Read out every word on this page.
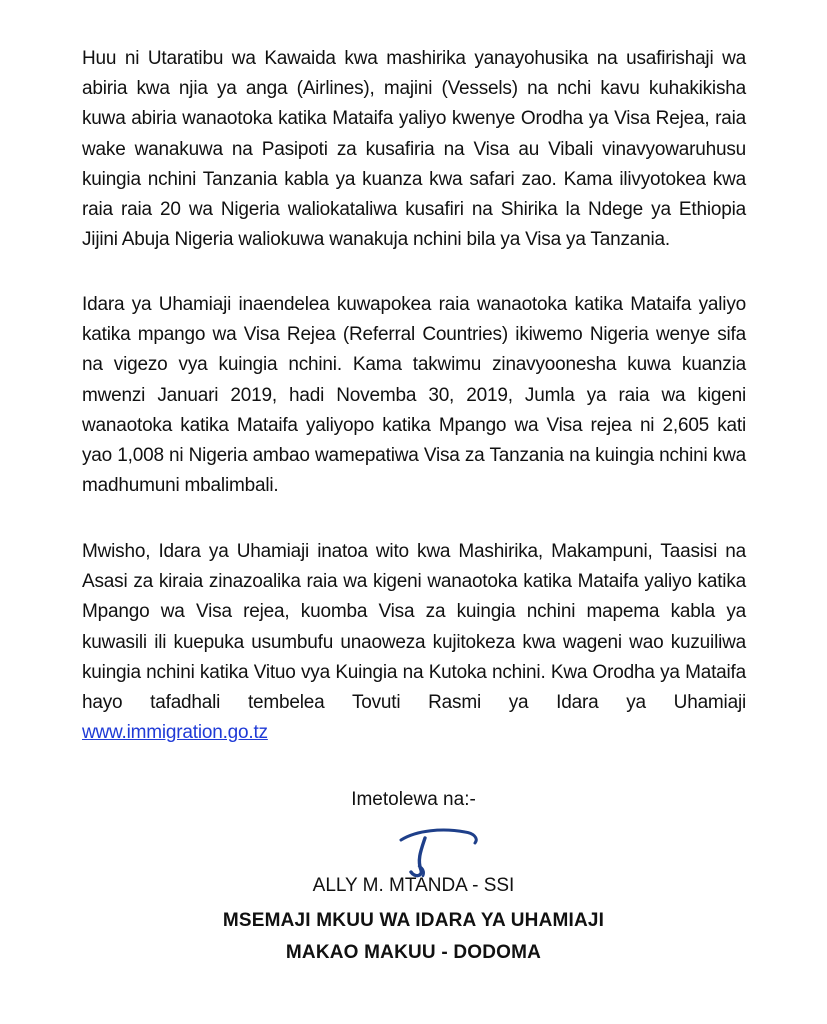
Huu ni Utaratibu wa Kawaida kwa mashirika yanayohusika na usafirishaji wa abiria kwa njia ya anga (Airlines), majini (Vessels) na nchi kavu kuhakikisha kuwa abiria wanaotoka katika Mataifa yaliyo kwenye Orodha ya Visa Rejea, raia wake wanakuwa na Pasipoti za kusafiria na Visa au Vibali vinavyowaruhusu kuingia nchini Tanzania kabla ya kuanza kwa safari zao. Kama ilivyotokea kwa raia raia 20 wa Nigeria waliokataliwa kusafiri na Shirika la Ndege ya Ethiopia Jijini Abuja Nigeria waliokuwa wanakuja nchini bila ya Visa ya Tanzania.

Idara ya Uhamiaji inaendelea kuwapokea raia wanaotoka katika Mataifa yaliyo katika mpango wa Visa Rejea (Referral Countries) ikiwemo Nigeria wenye sifa na vigezo vya kuingia nchini. Kama takwimu zinavyoonesha kuwa kuanzia mwenzi Januari 2019, hadi Novemba 30, 2019, Jumla ya raia wa kigeni wanaotoka katika Mataifa yaliyopo katika Mpango wa Visa rejea ni 2,605 kati yao 1,008 ni Nigeria ambao wamepatiwa Visa za Tanzania na kuingia nchini kwa madhumuni mbalimbali.

Mwisho, Idara ya Uhamiaji inatoa wito kwa Mashirika, Makampuni, Taasisi na Asasi za kiraia zinazoalika raia wa kigeni wanaotoka katika Mataifa yaliyo katika Mpango wa Visa rejea, kuomba Visa za kuingia nchini mapema kabla ya kuwasili ili kuepuka usumbufu unaoweza kujitokeza kwa wageni wao kuzuiliwa kuingia nchini katika Vituo vya Kuingia na Kutoka nchini. Kwa Orodha ya Mataifa hayo tafadhali tembelea Tovuti Rasmi ya Idara ya Uhamiaji www.immigration.go.tz

Imetolewa na:-
ALLY M. MTANDA - SSI
MSEMAJI MKUU WA IDARA YA UHAMIAJI
MAKAO MAKUU - DODOMA
